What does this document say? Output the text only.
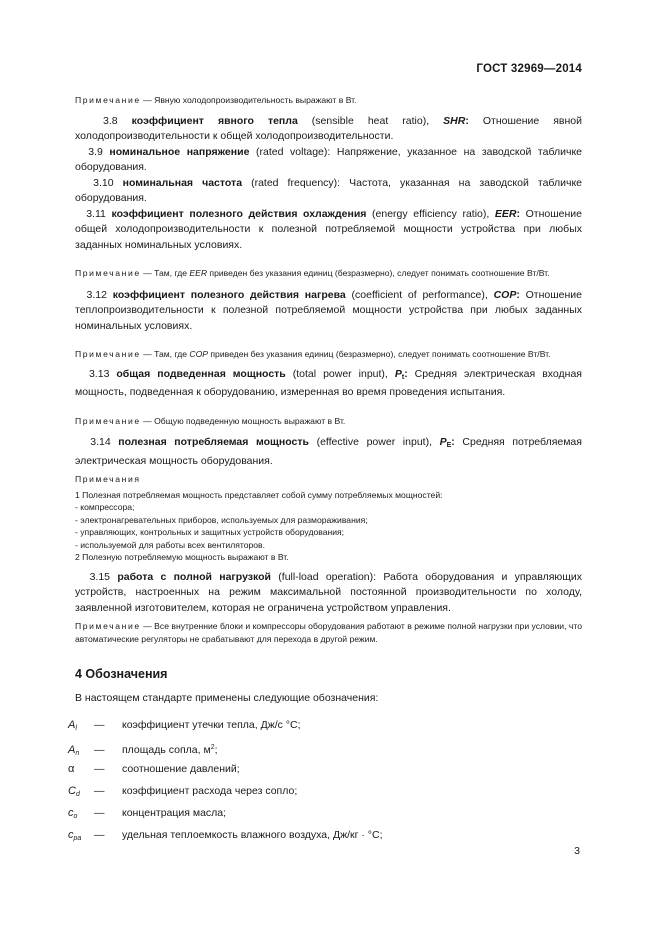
ГОСТ 32969—2014

Примечание — Явную холодопроизводительность выражают в Вт.

3.8 коэффициент явного тепла (sensible heat ratio), SHR: Отношение явной холодопроизводительности к общей холодопроизводительности.

3.9 номинальное напряжение (rated voltage): Напряжение, указанное на заводской табличке оборудования.

3.10 номинальная частота (rated frequency): Частота, указанная на заводской табличке оборудования.

3.11 коэффициент полезного действия охлаждения (energy efficiency ratio), EER: Отношение общей холодопроизводительности к полезной потребляемой мощности устройства при любых заданных номинальных условиях.

Примечание — Там, где EER приведен без указания единиц (безразмерно), следует понимать соотношение Вт/Вт.

3.12 коэффициент полезного действия нагрева (coefficient of performance), COP: Отношение теплопроизводительности к полезной потребляемой мощности устройства при любых заданных номинальных условиях.

Примечание — Там, где COP приведен без указания единиц (безразмерно), следует понимать соотношение Вт/Вт.

3.13 общая подведенная мощность (total power input), $P_t$: Средняя электрическая входная мощность, подведенная к оборудованию, измеренная во время проведения испытания.

Примечание — Общую подведенную мощность выражают в Вт.

3.14 полезная потребляемая мощность (effective power input), $P_E$: Средняя потребляемая электрическая мощность оборудования.

Примечания

1 Полезная потребляемая мощность представляет собой сумму потребляемых мощностей:

- компрессора;

- электронагревательных приборов, используемых для размораживания;

- управляющих, контрольных и защитных устройств оборудования;

- используемой для работы всех вентиляторов.

2 Полезную потребляемую мощность выражают в Вт.

3.15 работа с полной нагрузкой (full-load operation): Работа оборудования и управляющих устройств, настроенных на режим максимальной постоянной производительности по холоду, заявленной изготовителем, которая не ограничена устройством управления.

Примечание — Все внутренние блоки и компрессоры оборудования работают в режиме полной нагрузки при условии, что автоматические регуляторы не срабатывают для перехода в другой режим.

4 Обозначения

В настоящем стандарте применены следующие обозначения:

$A_l$	—	коэффициент утечки тепла, Дж/с °С;
$A_n$	—	площадь сопла, $м^2$;
α	—	соотношение давлений;
$C_d$	—	коэффициент расхода через сопло;
$c_o$	—	концентрация масла;
$c_{pa}$	—	удельная теплоемкость влажного воздуха, Дж/кг · °С;
3
